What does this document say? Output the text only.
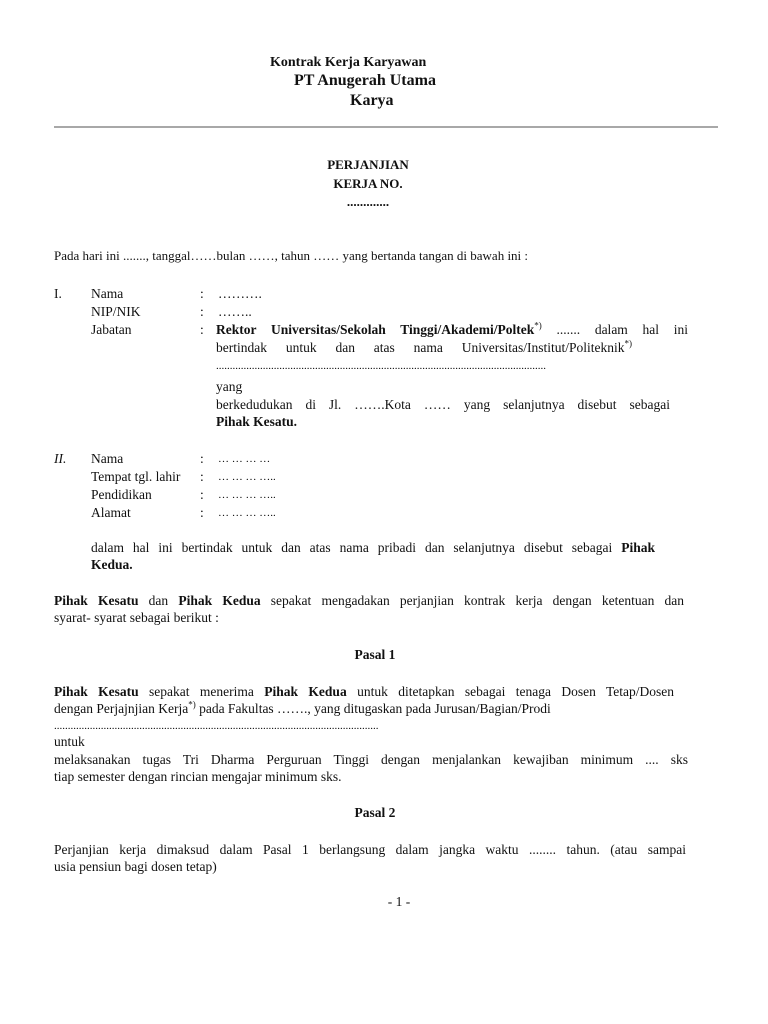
Kontrak Kerja Karyawan
PT Anugerah Utama
Karya
PERJANJIAN
KERJA NO.
.............
Pada hari ini ......., tanggal……bulan ……, tahun …… yang bertanda tangan di bawah ini :
I. Nama	: ……….
NIP/NIK	: ……..
Jabatan	: Rektor Universitas/Sekolah Tinggi/Akademi/Poltek*) ....... dalam hal ini
bertindak untuk dan atas nama Universitas/Institut/Politeknik*)
........................................................................................................................
yang
berkedudukan di Jl. …….Kota …… yang selanjutnya disebut sebagai
Pihak Kesatu.
II. Nama	: … … … …
Tempat tgl. lahir : … … … …..
Pendidikan	: … … … …..
Alamat	: … … … …..
dalam hal ini bertindak untuk dan atas nama pribadi dan selanjutnya disebut sebagai Pihak
Kedua.
Pihak Kesatu dan Pihak Kedua sepakat mengadakan perjanjian kontrak kerja dengan ketentuan dan
syarat- syarat sebagai berikut :
Pasal 1
Pihak Kesatu sepakat menerima Pihak Kedua untuk ditetapkan sebagai tenaga Dosen Tetap/Dosen
dengan Perjajnjian Kerja*) pada Fakultas ……., yang ditugaskan pada Jurusan/Bagian/Prodi
......................................................................................................................
untuk
melaksanakan tugas Tri Dharma Perguruan Tinggi dengan menjalankan kewajiban minimum .... sks
tiap semester dengan rincian mengajar minimum sks.
Pasal 2
Perjanjian kerja dimaksud dalam Pasal 1 berlangsung dalam jangka waktu ........ tahun. (atau sampai
usia pensiun bagi dosen tetap)
- 1 -
